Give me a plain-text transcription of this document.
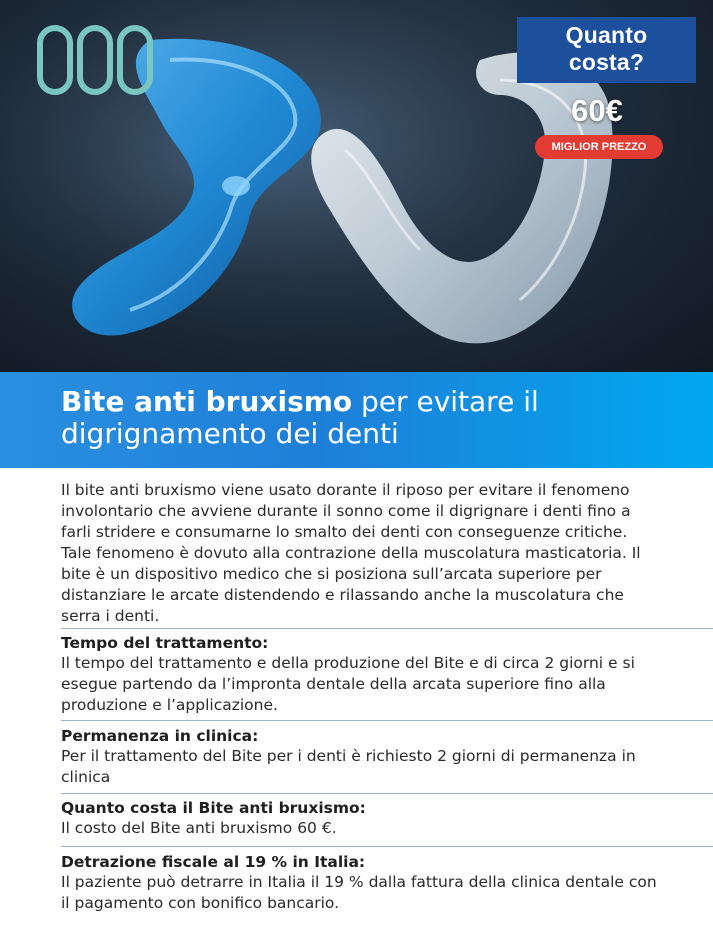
Quanto costa?
60€
MIGLIOR PREZZO
Bite anti bruxismo per evitare il digrignamento dei denti

Il bite anti bruxismo viene usato dorante il riposo per evitare il fenomeno involontario che avviene durante il sonno come il digrignare i denti fino a farli stridere e consumarne lo smalto dei denti con conseguenze critiche. Tale fenomeno è dovuto alla contrazione della muscolatura masticatoria. Il bite è un dispositivo medico che si posiziona sull’arcata superiore per distanziare le arcate distendendo e rilassando anche la muscolatura che serra i denti.

Tempo del trattamento:
Il tempo del trattamento e della produzione del Bite e di circa 2 giorni e si esegue partendo da l’impronta dentale della arcata superiore fino alla produzione e l’applicazione.
Permanenza in clinica:
Per il trattamento del Bite per i denti è richiesto 2 giorni di permanenza in clinica
Quanto costa il Bite anti bruxismo:
Il costo del Bite anti bruxismo 60 €.
Detrazione fiscale al 19 % in Italia:
Il paziente può detrarre in Italia il 19 % dalla fattura della clinica dentale con il pagamento con bonifico bancario.
